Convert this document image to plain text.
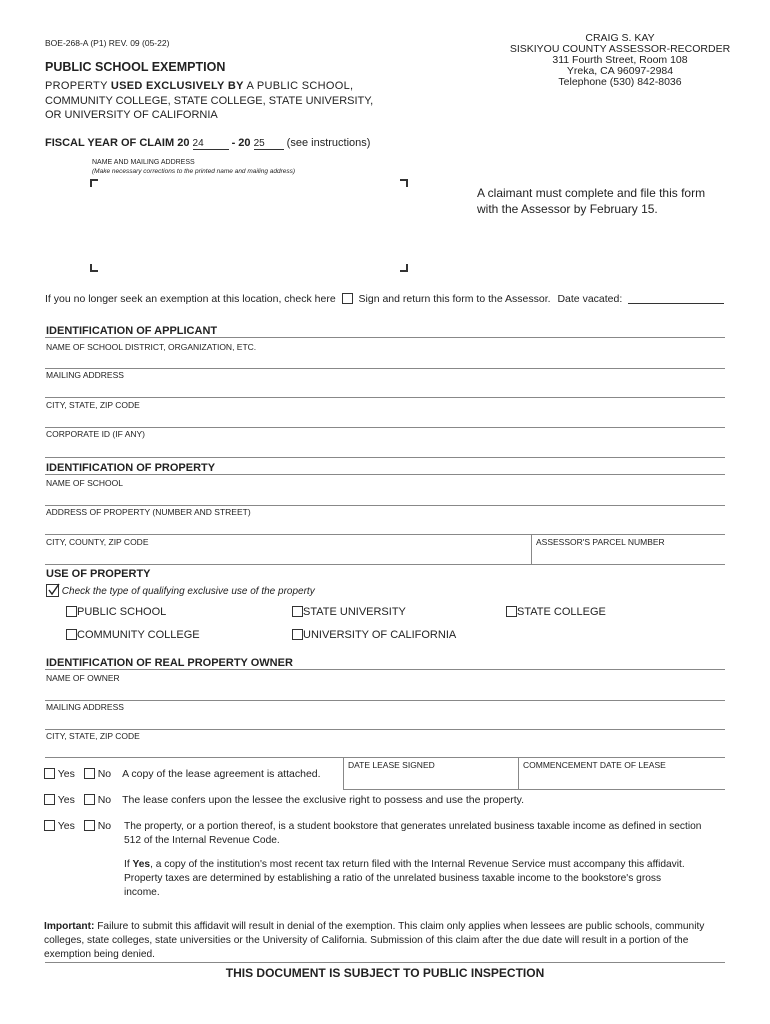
BOE-268-A (P1) REV. 09 (05-22)
PUBLIC SCHOOL EXEMPTION
PROPERTY USED EXCLUSIVELY BY A PUBLIC SCHOOL,
COMMUNITY COLLEGE, STATE COLLEGE, STATE UNIVERSITY,
OR UNIVERSITY OF CALIFORNIA
CRAIG S. KAY
SISKIYOU COUNTY ASSESSOR-RECORDER
311 Fourth Street, Room 108
Yreka, CA 96097-2984
Telephone (530) 842-8036
FISCAL YEAR OF CLAIM 20 24	- 20 25 (see instructions)
NAME AND MAILING ADDRESS
(Make necessary corrections to the printed name and mailing address)
A claimant must complete and file this form
with the Assessor by February 15.
If you no longer seek an exemption at this location, check here Sign and return this form to the Assessor. Date vacated:
IDENTIFICATION OF APPLICANT
NAME OF SCHOOL DISTRICT, ORGANIZATION, ETC.
MAILING ADDRESS
CITY, STATE, ZIP CODE
CORPORATE ID (IF ANY)
IDENTIFICATION OF PROPERTY
NAME OF SCHOOL
ADDRESS OF PROPERTY (NUMBER AND STREET)
CITY, COUNTY, ZIP CODE	ASSESSOR'S PARCEL NUMBER
USE OF PROPERTY
Check the type of qualifying exclusive use of the property
PUBLIC SCHOOL	STATE UNIVERSITY	STATE COLLEGE
COMMUNITY COLLEGE	UNIVERSITY OF CALIFORNIA
IDENTIFICATION OF REAL PROPERTY OWNER
NAME OF OWNER
MAILING ADDRESS
CITY, STATE, ZIP CODE
DATE LEASE SIGNED	COMMENCEMENT DATE OF LEASE
Yes No A copy of the lease agreement is attached.
Yes No The lease confers upon the lessee the exclusive right to possess and use the property.
Yes No The property, or a portion thereof, is a student bookstore that generates unrelated business taxable income as defined in section
512 of the Internal Revenue Code.
If Yes, a copy of the institution's most recent tax return filed with the Internal Revenue Service must accompany this affidavit.
Property taxes are determined by establishing a ratio of the unrelated business taxable income to the bookstore's gross
income.
Important: Failure to submit this affidavit will result in denial of the exemption. This claim only applies when lessees are public schools, community
colleges, state colleges, state universities or the University of California. Submission of this claim after the due date will result in a portion of the
exemption being denied.
THIS DOCUMENT IS SUBJECT TO PUBLIC INSPECTION
